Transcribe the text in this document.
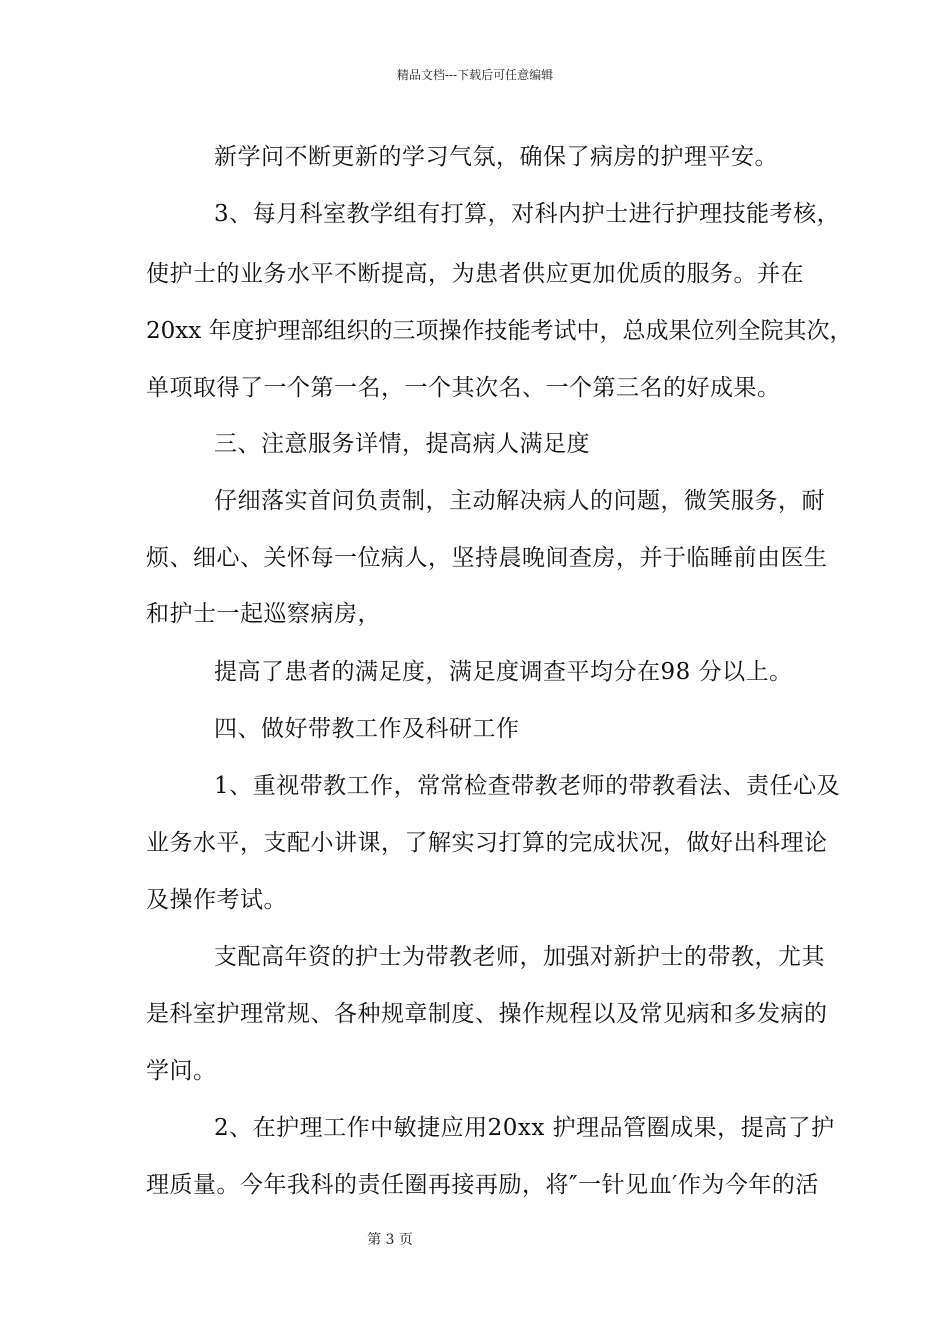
精品文档---下载后可任意编辑
新学问不断更新的学习气氛，确保了病房的护理平安。
3、每月科室教学组有打算，对科内护士进行护理技能考核，
使护士的业务水平不断提高，为患者供应更加优质的服务。并在
20xx 年度护理部组织的三项操作技能考试中，总成果位列全院其次，
单项取得了一个第一名，一个其次名、一个第三名的好成果。
三、注意服务详情，提高病人满足度
仔细落实首问负责制，主动解决病人的问题，微笑服务，耐
烦、细心、关怀每一位病人，坚持晨晚间查房，并于临睡前由医生
和护士一起巡察病房，
提高了患者的满足度，满足度调查平均分在98 分以上。
四、做好带教工作及科研工作
1、重视带教工作，常常检查带教老师的带教看法、责任心及
业务水平，支配小讲课，了解实习打算的完成状况，做好出科理论
及操作考试。
支配高年资的护士为带教老师，加强对新护士的带教，尤其
是科室护理常规、各种规章制度、操作规程以及常见病和多发病的
学问。
2、在护理工作中敏捷应用20xx 护理品管圈成果，提高了护
理质量。今年我科的责任圈再接再励，将″一针见血′作为今年的活
第 3 页
